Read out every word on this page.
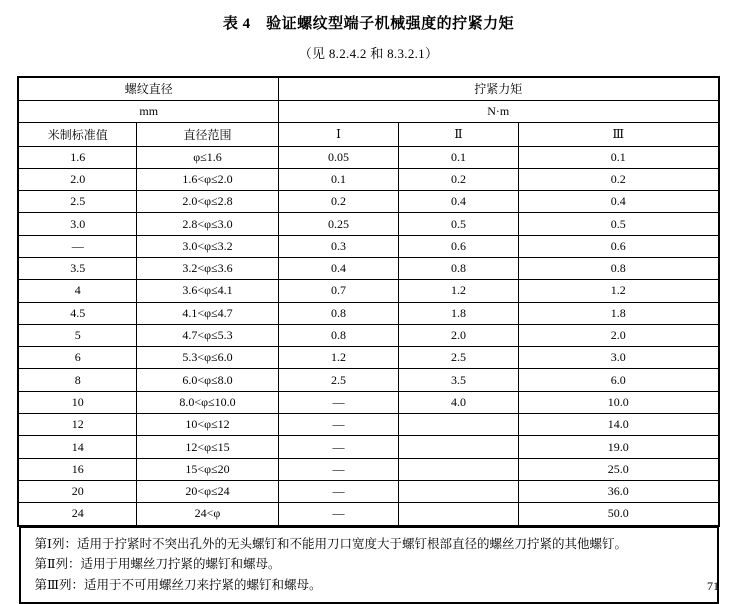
表 4　验证螺纹型端子机械强度的拧紧力矩
（见 8.2.4.2 和 8.3.2.1）
螺纹直径		拧紧力矩		
mm		N·m		
米制标准值	直径范围	Ⅰ	Ⅱ	Ⅲ
1.6	φ≤1.6	0.05	0.1	0.1
2.0	1.6<φ≤2.0	0.1	0.2	0.2
2.5	2.0<φ≤2.8	0.2	0.4	0.4
3.0	2.8<φ≤3.0	0.25	0.5	0.5
—	3.0<φ≤3.2	0.3	0.6	0.6
3.5	3.2<φ≤3.6	0.4	0.8	0.8
4	3.6<φ≤4.1	0.7	1.2	1.2
4.5	4.1<φ≤4.7	0.8	1.8	1.8
5	4.7<φ≤5.3	0.8	2.0	2.0
6	5.3<φ≤6.0	1.2	2.5	3.0
8	6.0<φ≤8.0	2.5	3.5	6.0
10	8.0<φ≤10.0	—	4.0	10.0
12	10<φ≤12	—		14.0
14	12<φ≤15	—		19.0
16	15<φ≤20	—		25.0
20	20<φ≤24	—		36.0
24	24<φ	—		50.0
第Ⅰ列：适用于拧紧时不突出孔外的无头螺钉和不能用刀口宽度大于螺钉根部直径的螺丝刀拧紧的其他螺钉。
第Ⅱ列：适用于用螺丝刀拧紧的螺钉和螺母。
第Ⅲ列：适用于不可用螺丝刀来拧紧的螺钉和螺母。	71
